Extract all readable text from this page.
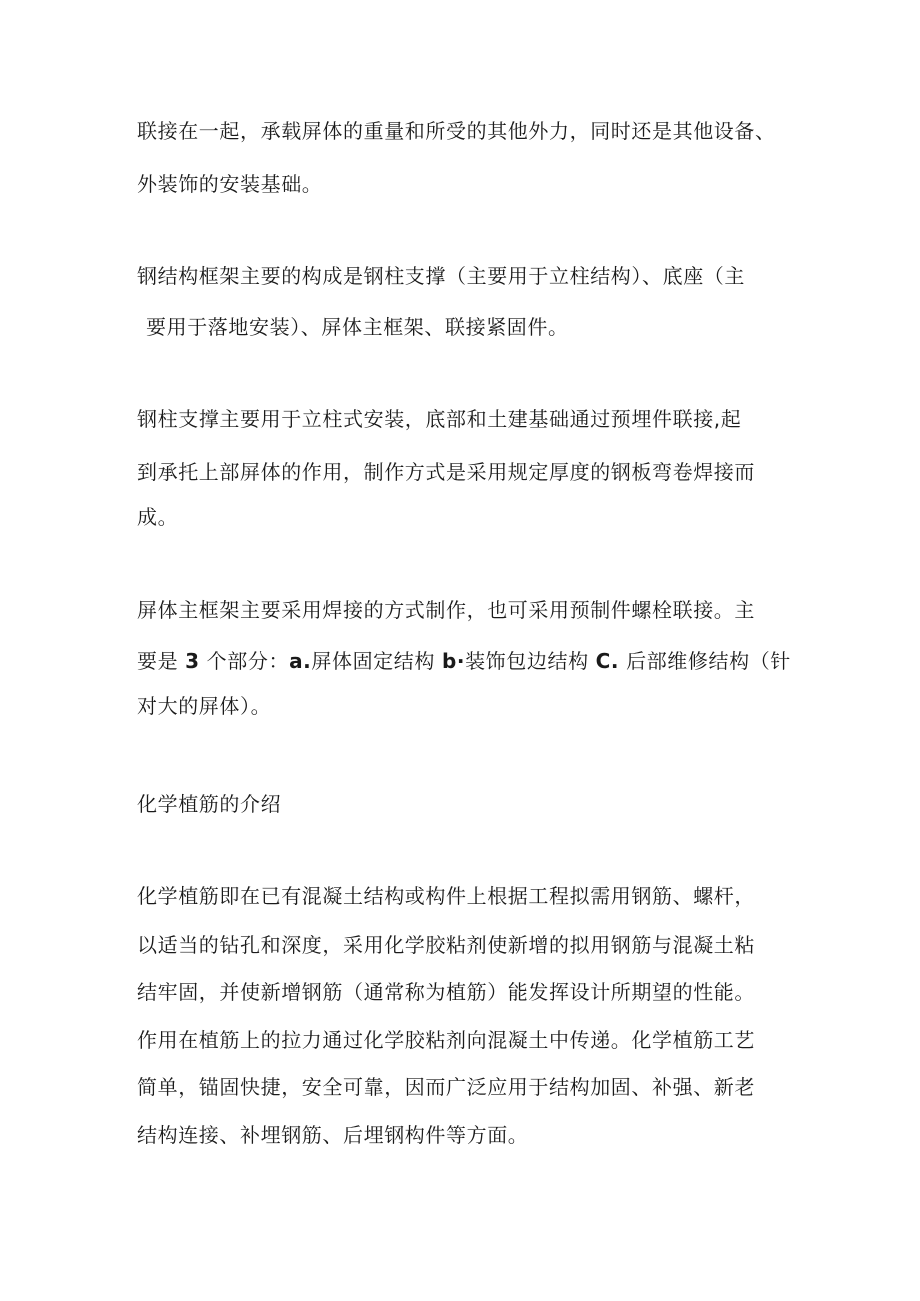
联接在一起，承载屏体的重量和所受的其他外力，同时还是其他设备、
外装饰的安装基础。
钢结构框架主要的构成是钢柱支撑（主要用于立柱结构）、底座（主
要用于落地安装）、屏体主框架、联接紧固件。
钢柱支撑主要用于立柱式安装，底部和土建基础通过预埋件联接,起
到承托上部屏体的作用，制作方式是采用规定厚度的钢板弯卷焊接而
成。
屏体主框架主要采用焊接的方式制作，也可采用预制件螺栓联接。主
要是 3 个部分：a.屏体固定结构 b·装饰包边结构 C. 后部维修结构（针
对大的屏体）。
化学植筋的介绍
化学植筋即在已有混凝土结构或构件上根据工程拟需用钢筋、螺杆，
以适当的钻孔和深度，采用化学胶粘剂使新增的拟用钢筋与混凝土粘
结牢固，并使新增钢筋（通常称为植筋）能发挥设计所期望的性能。
作用在植筋上的拉力通过化学胶粘剂向混凝土中传递。化学植筋工艺
简单，锚固快捷，安全可靠，因而广泛应用于结构加固、补强、新老
结构连接、补埋钢筋、后埋钢构件等方面。
